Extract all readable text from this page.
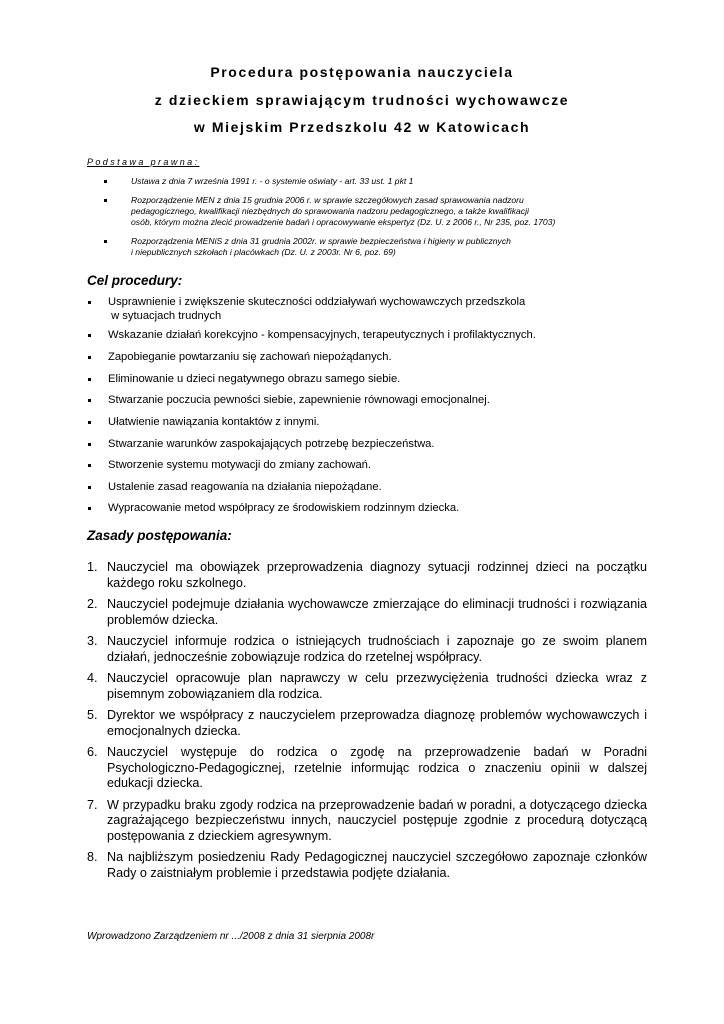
Procedura postępowania nauczyciela
z dzieckiem sprawiającym trudności wychowawcze
w Miejskim Przedszkolu 42 w Katowicach
Podstawa prawna:
Ustawa z dnia 7 września 1991 r. - o systemie oświaty - art. 33 ust. 1 pkt 1
Rozporządzenie MEN z dnia 15 grudnia 2006 r. w sprawie szczegółowych zasad sprawowania nadzoru
pedagogicznego, kwalifikacji niezbędnych do sprawowania nadzoru pedagogicznego, a także kwalifikacji
osób, którym można zlecić prowadzenie badań i opracowywanie ekspertyz (Dz. U. z 2006 r., Nr 235, poz. 1703)
Rozporządzenia MENiS z dnia 31 grudnia 2002r. w sprawie bezpieczeństwa i higieny w publicznych
i niepublicznych szkołach i placówkach (Dz. U. z 2003r. Nr 6, poz. 69)
Cel procedury:
Usprawnienie i zwiększenie skuteczności oddziaływań wychowawczych przedszkola
w sytuacjach trudnych
Wskazanie działań korekcyjno - kompensacyjnych, terapeutycznych i profilaktycznych.
Zapobieganie powtarzaniu się zachowań niepożądanych.
Eliminowanie u dzieci negatywnego obrazu samego siebie.
Stwarzanie poczucia pewności siebie, zapewnienie równowagi emocjonalnej.
Ułatwienie nawiązania kontaktów z innymi.
Stwarzanie warunków zaspokajających potrzebę bezpieczeństwa.
Stworzenie systemu motywacji do zmiany zachowań.
Ustalenie zasad reagowania na działania niepożądane.
Wypracowanie metod współpracy ze środowiskiem rodzinnym dziecka.
Zasady postępowania:
1. Nauczyciel ma obowiązek przeprowadzenia diagnozy sytuacji rodzinnej dzieci na początku każdego roku szkolnego.
2. Nauczyciel podejmuje działania wychowawcze zmierzające do eliminacji trudności i rozwiązania problemów dziecka.
3. Nauczyciel informuje rodzica o istniejących trudnościach i zapoznaje go ze swoim planem działań, jednocześnie zobowiązuje rodzica do rzetelnej współpracy.
4. Nauczyciel opracowuje plan naprawczy w celu przezwyciężenia trudności dziecka wraz z pisemnym zobowiązaniem dla rodzica.
5. Dyrektor we współpracy z nauczycielem przeprowadza diagnozę problemów wychowawczych i emocjonalnych dziecka.
6. Nauczyciel występuje do rodzica o zgodę na przeprowadzenie badań w Poradni Psychologiczno-Pedagogicznej, rzetelnie informując rodzica o znaczeniu opinii w dalszej edukacji dziecka.
7. W przypadku braku zgody rodzica na przeprowadzenie badań w poradni, a dotyczącego dziecka zagrażającego bezpieczeństwu innych, nauczyciel postępuje zgodnie z procedurą dotyczącą postępowania z dzieckiem agresywnym.
8. Na najbliższym posiedzeniu Rady Pedagogicznej nauczyciel szczegółowo zapoznaje członków Rady o zaistniałym problemie i przedstawia podjęte działania.
Wprowadzono Zarządzeniem nr .../2008 z dnia 31 sierpnia 2008r
